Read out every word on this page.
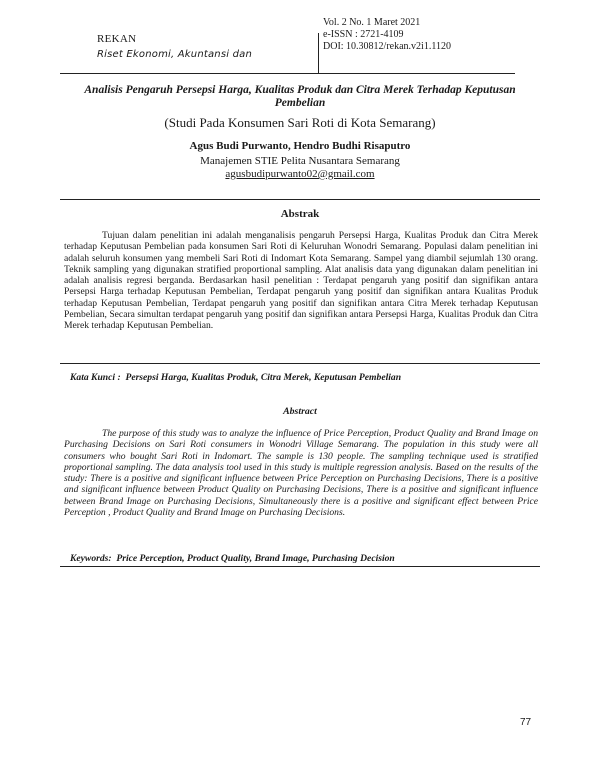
REKAN
Riset Ekonomi, Akuntansi dan
Vol. 2 No. 1 Maret 2021
e-ISSN : 2721-4109
DOI: 10.30812/rekan.v2i1.1120
Analisis Pengaruh Persepsi Harga, Kualitas Produk dan Citra Merek Terhadap Keputusan Pembelian
(Studi Pada Konsumen Sari Roti di Kota Semarang)
Agus Budi Purwanto, Hendro Budhi Risaputro
Manajemen STIE Pelita Nusantara Semarang
agusbudipurwanto02@gmail.com
Abstrak
Tujuan dalam penelitian ini adalah menganalisis pengaruh Persepsi Harga, Kualitas Produk dan Citra Merek terhadap Keputusan Pembelian pada konsumen Sari Roti di Keluruhan Wonodri Semarang. Populasi dalam penelitian ini adalah seluruh konsumen yang membeli Sari Roti di Indomart Kota Semarang. Sampel yang diambil sejumlah 130 orang. Teknik sampling yang digunakan stratified proportional sampling. Alat analisis data yang digunakan dalam penelitian ini adalah analisis regresi berganda. Berdasarkan hasil penelitian : Terdapat pengaruh yang positif dan signifikan antara Persepsi Harga terhadap Keputusan Pembelian, Terdapat pengaruh yang positif dan signifikan antara Kualitas Produk terhadap Keputusan Pembelian, Terdapat pengaruh yang positif dan signifikan antara Citra Merek terhadap Keputusan Pembelian, Secara simultan terdapat pengaruh yang positif dan signifikan antara Persepsi Harga, Kualitas Produk dan Citra Merek terhadap Keputusan Pembelian.
Kata Kunci : Persepsi Harga, Kualitas Produk, Citra Merek, Keputusan Pembelian
Abstract
The purpose of this study was to analyze the influence of Price Perception, Product Quality and Brand Image on Purchasing Decisions on Sari Roti consumers in Wonodri Village Semarang. The population in this study were all consumers who bought Sari Roti in Indomart. The sample is 130 people. The sampling technique used is stratified proportional sampling. The data analysis tool used in this study is multiple regression analysis. Based on the results of the study: There is a positive and significant influence between Price Perception on Purchasing Decisions, There is a positive and significant influence between Product Quality on Purchasing Decisions, There is a positive and significant influence between Brand Image on Purchasing Decisions, Simultaneously there is a positive and significant effect between Price Perception , Product Quality and Brand Image on Purchasing Decisions.
Keywords: Price Perception, Product Quality, Brand Image, Purchasing Decision
77
